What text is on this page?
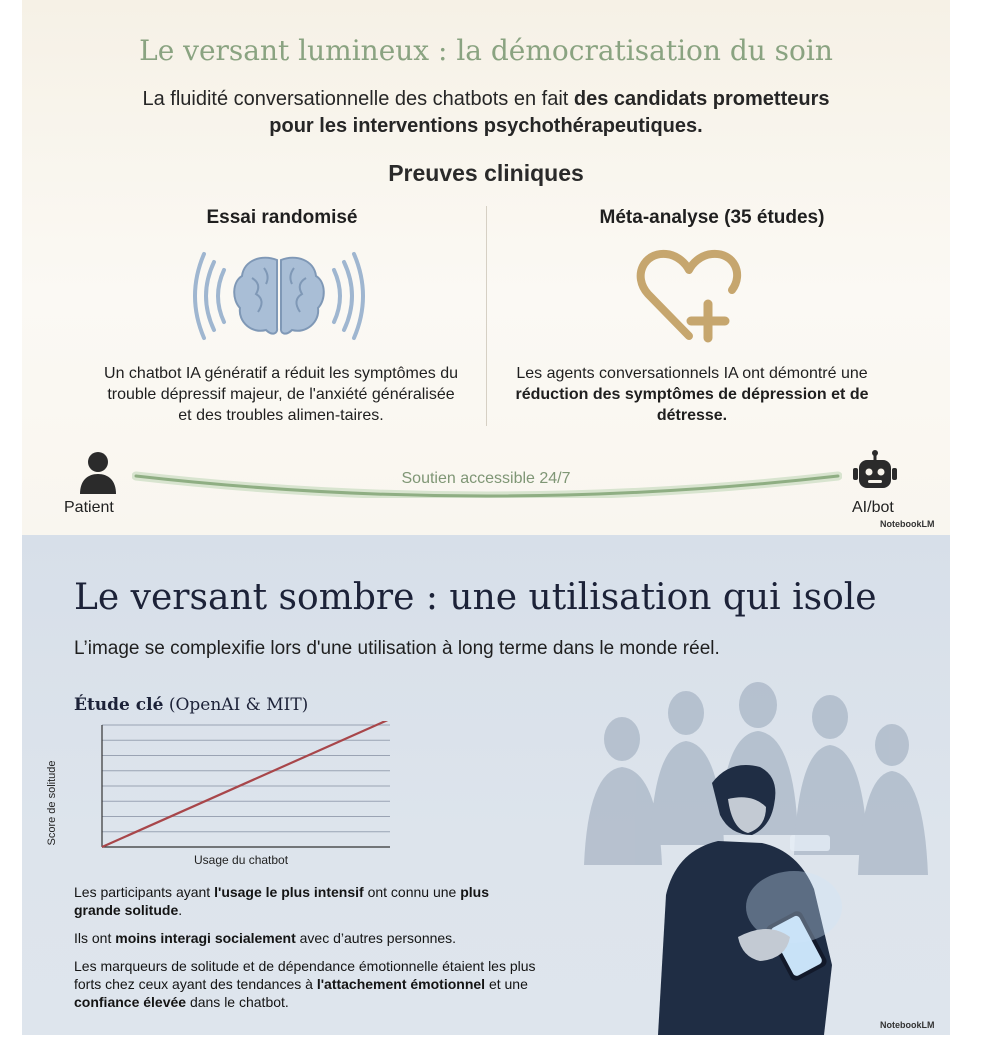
Le versant lumineux : la démocratisation du soin
La fluidité conversationnelle des chatbots en fait des candidats prometteurs pour les interventions psychothérapeutiques.
Preuves cliniques
Essai randomisé	Méta-analyse (35 études)
Un chatbot IA génératif a réduit les symptômes du trouble dépressif majeur, de l'anxiété généralisée et des troubles alimen-taires.
Les agents conversationnels IA ont démontré une réduction des symptômes de dépression et de détresse.
Patient
Soutien accessible 24/7
AI/bot
NotebookLM
Le versant sombre : une utilisation qui isole
L’image se complexifie lors d'une utilisation à long terme dans le monde réel.
Étude clé (OpenAI & MIT)
Score de solitude
Usage du chatbot
Les participants ayant l'usage le plus intensif ont connu une plus grande solitude.
Ils ont moins interagi socialement avec d’autres personnes.
Les marqueurs de solitude et de dépendance émotionnelle étaient les plus forts chez ceux ayant des tendances à l'attachement émotionnel et une confiance élevée dans le chatbot.
NotebookLM
